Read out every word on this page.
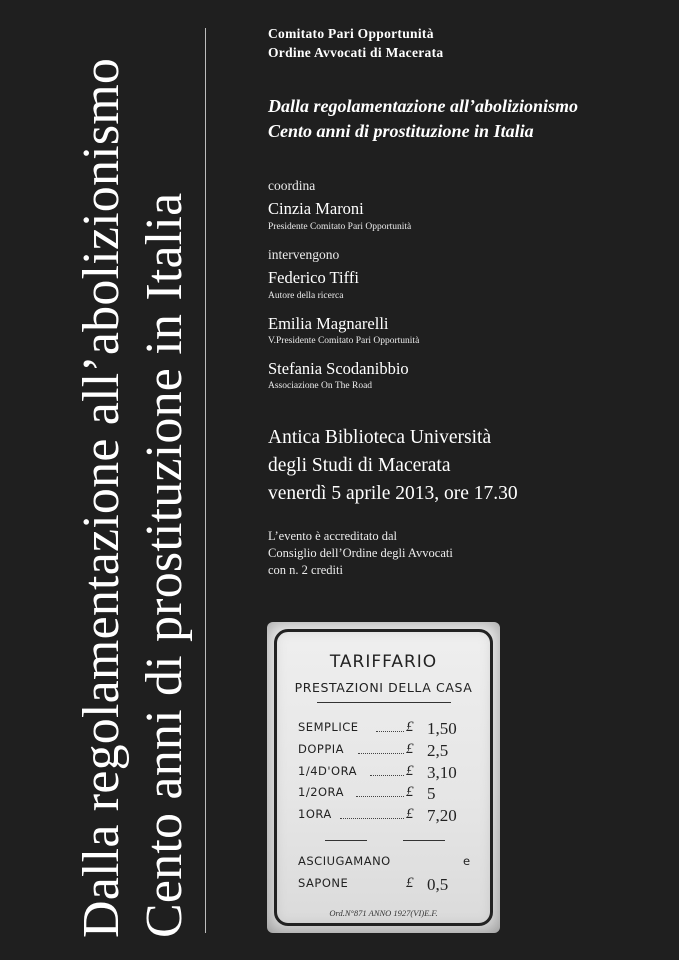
Dalla regolamentazione all’abolizionismo Cento anni di prostituzione in Italia
Comitato Pari Opportunità
Ordine Avvocati di Macerata
Dalla regolamentazione all’abolizionismo
Cento anni di prostituzione in Italia
coordina
Cinzia Maroni
Presidente Comitato Pari Opportunità
intervengono
Federico Tiffi
Autore della ricerca
Emilia Magnarelli
V.Presidente Comitato Pari Opportunità
Stefania Scodanibbio
Associazione On The Road
Antica Biblioteca Università
degli Studi di Macerata
venerdì 5 aprile 2013, ore 17.30
L’evento è accreditato dal
Consiglio dell’Ordine degli Avvocati
con n. 2 crediti
TARIFFARIO
PRESTAZIONI DELLA CASA
SEMPLICE	£ 1,50
DOPPIA	£ 2,5
1/4D'ORA	£ 3,10
1/2ORA	£ 5
1ORA	£ 7,20
ASCIUGAMANO	e
SAPONE	£ 0,5
Ord.N°871 ANNO 1927(VI)E.F.
